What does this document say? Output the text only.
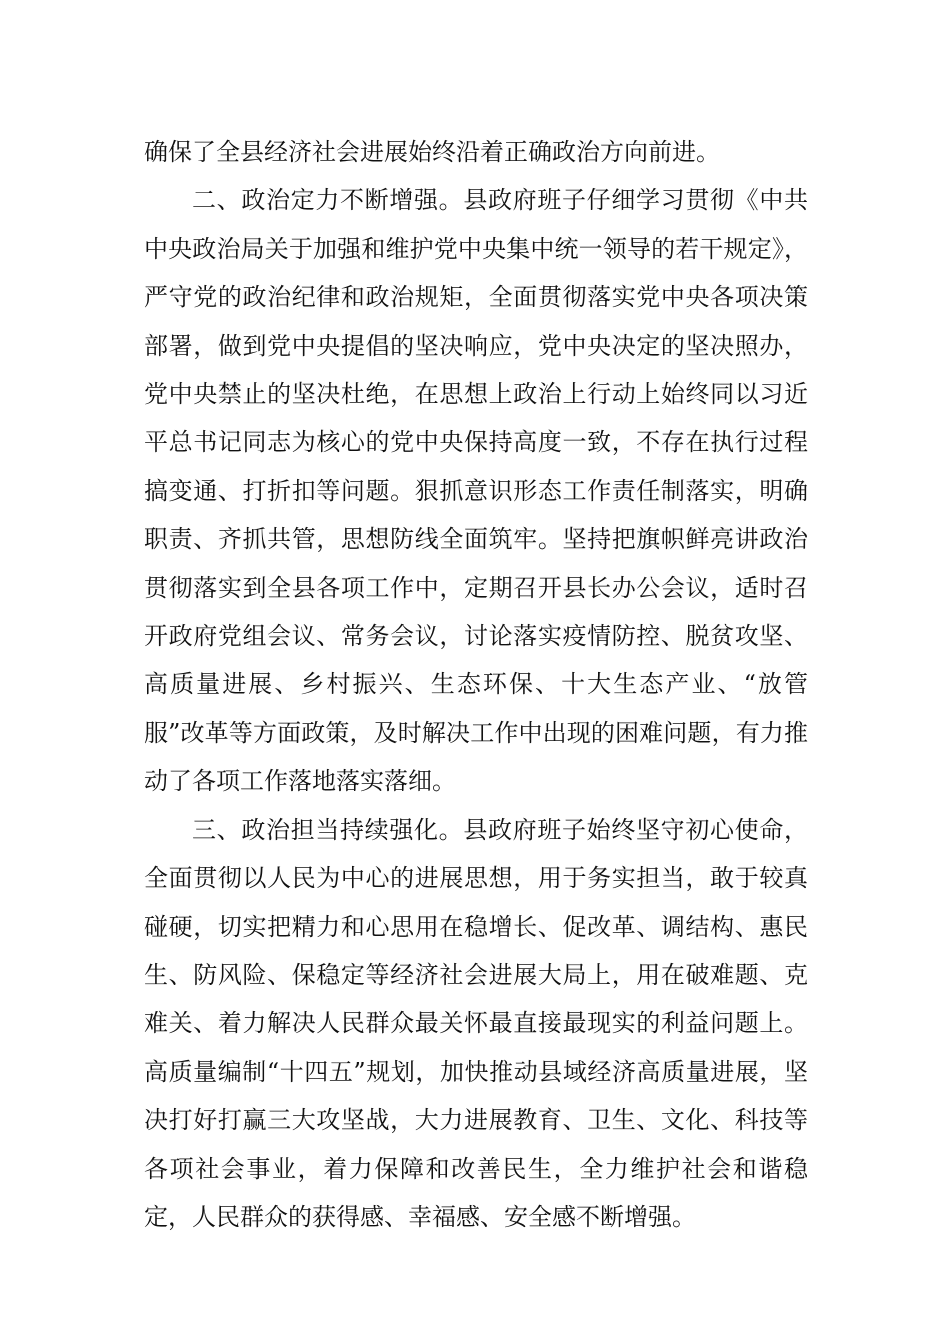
确保了全县经济社会进展始终沿着正确政治方向前进。

二、政治定力不断增强。县政府班子仔细学习贯彻《中共中央政治局关于加强和维护党中央集中统一领导的若干规定》，严守党的政治纪律和政治规矩，全面贯彻落实党中央各项决策部署，做到党中央提倡的坚决响应，党中央决定的坚决照办，党中央禁止的坚决杜绝，在思想上政治上行动上始终同以习近平总书记同志为核心的党中央保持高度一致，不存在执行过程搞变通、打折扣等问题。狠抓意识形态工作责任制落实，明确职责、齐抓共管，思想防线全面筑牢。坚持把旗帜鲜亮讲政治贯彻落实到全县各项工作中，定期召开县长办公会议，适时召开政府党组会议、常务会议，讨论落实疫情防控、脱贫攻坚、高质量进展、乡村振兴、生态环保、十大生态产业、“放管服”改革等方面政策，及时解决工作中出现的困难问题，有力推动了各项工作落地落实落细。

三、政治担当持续强化。县政府班子始终坚守初心使命，全面贯彻以人民为中心的进展思想，用于务实担当，敢于较真碰硬，切实把精力和心思用在稳增长、促改革、调结构、惠民生、防风险、保稳定等经济社会进展大局上，用在破难题、克难关、着力解决人民群众最关怀最直接最现实的利益问题上。高质量编制“十四五”规划，加快推动县域经济高质量进展，坚决打好打赢三大攻坚战，大力进展教育、卫生、文化、科技等各项社会事业，着力保障和改善民生，全力维护社会和谐稳定，人民群众的获得感、幸福感、安全感不断增强。
